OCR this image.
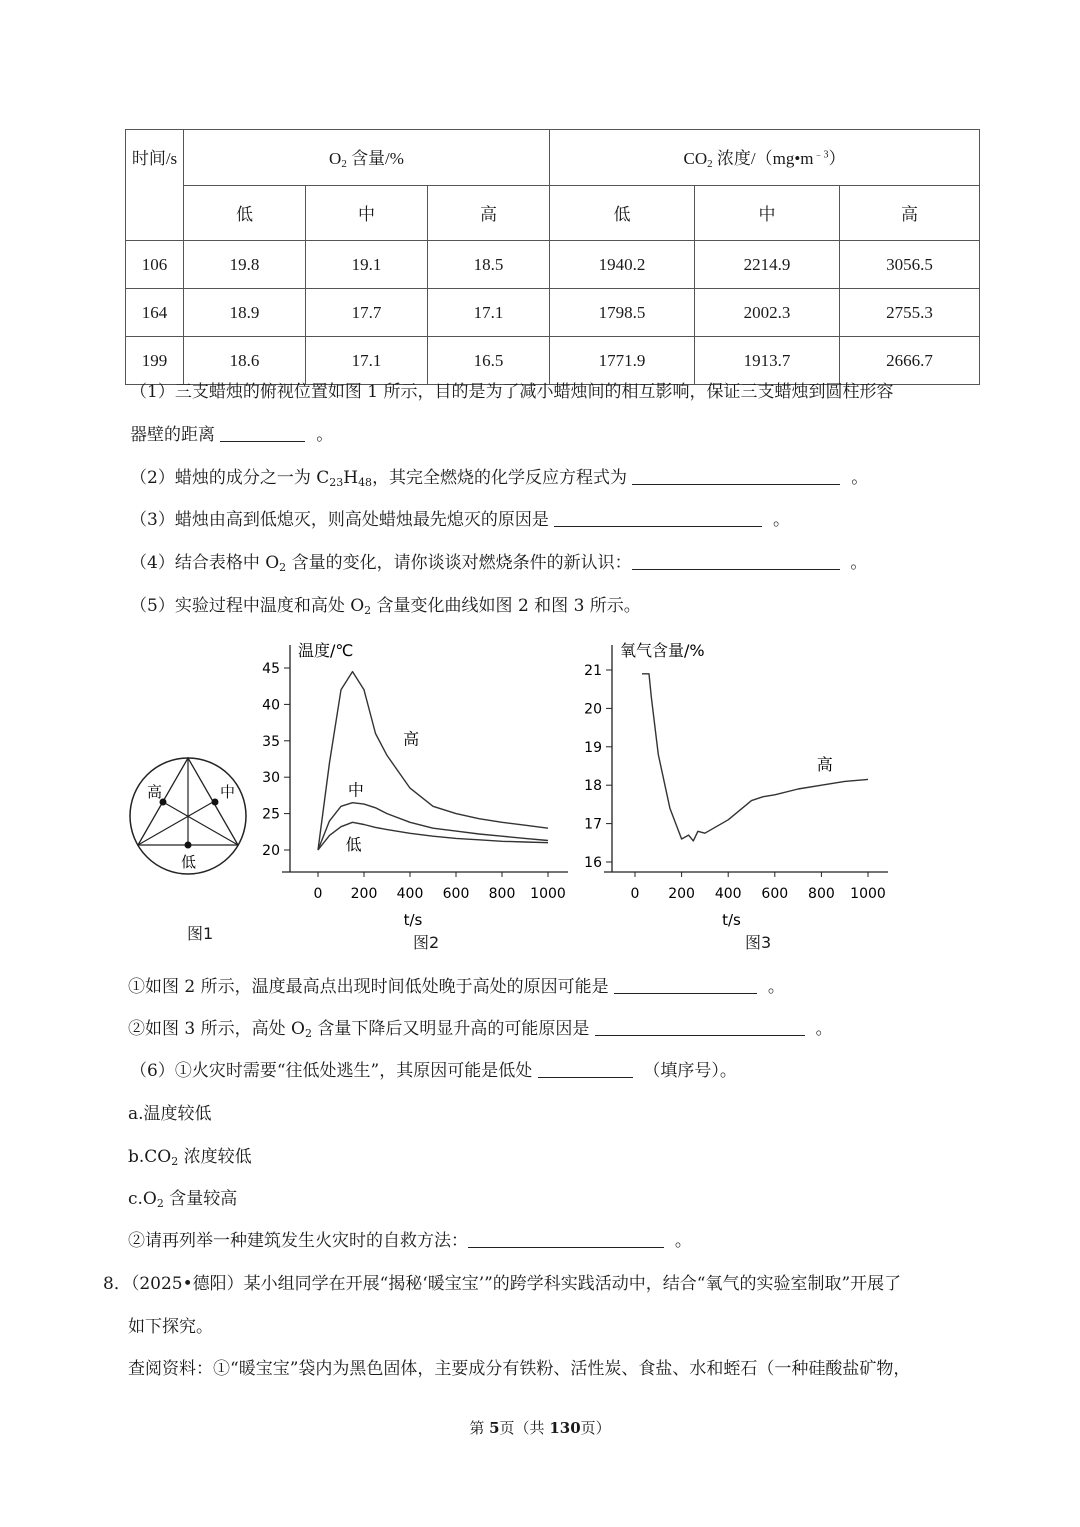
时间/s	$O_2$ 含量/%			$CO_2$ 浓度$/(mg•m^{﹣3})$		
	低	中	高	低	中	高
106	19.8	19.1	18.5	1940.2	2214.9	3056.5
164	18.9	17.7	17.1	1798.5	2002.3	2755.3
199	18.6	17.1	16.5	1771.9	1913.7	2666.7
（1）三支蜡烛的俯视位置如图 1 所示，目的是为了减小蜡烛间的相互影响，保证三支蜡烛到圆柱形容
器壁的距离	。
（2）蜡烛的成分之一为 $C_{23}H_{48}$，其完全燃烧的化学反应方程式为	。
（3）蜡烛由高到低熄灭，则高处蜡烛最先熄灭的原因是	。
（4）结合表格中 $O_2$ 含量的变化，请你谈谈对燃烧条件的新认识：	。
（5）实验过程中温度和高处 $O_2$ 含量变化曲线如图 2 和图 3 所示。
高	中
低
图1
温度/℃
20
25
30
35
40
45
0 200 400 600 800 1000
t/s
高
中
低
图2
氧气含量/%
16
17
18
19
20
21
0 200 400 600 800 1000
t/s
高
图3
①如图 2 所示，温度最高点出现时间低处晚于高处的原因可能是	。
②如图 3 所示，高处 $O_2$ 含量下降后又明显升高的可能原因是	。
（6）①火灾时需要“往低处逃生”，其原因可能是低处	（填序号）。
a.温度较低
$b.CO_2$ 浓度较低
$c.O_2$ 含量较高
②请再列举一种建筑发生火灾时的自救方法：	。
8．（2025•德阳）某小组同学在开展“揭秘‘暖宝宝’”的跨学科实践活动中，结合“氧气的实验室制取”开展了
如下探究。
查阅资料：①“暖宝宝”袋内为黑色固体，主要成分有铁粉、活性炭、食盐、水和蛭石（一种硅酸盐矿物，
第 5页（共 130页）
